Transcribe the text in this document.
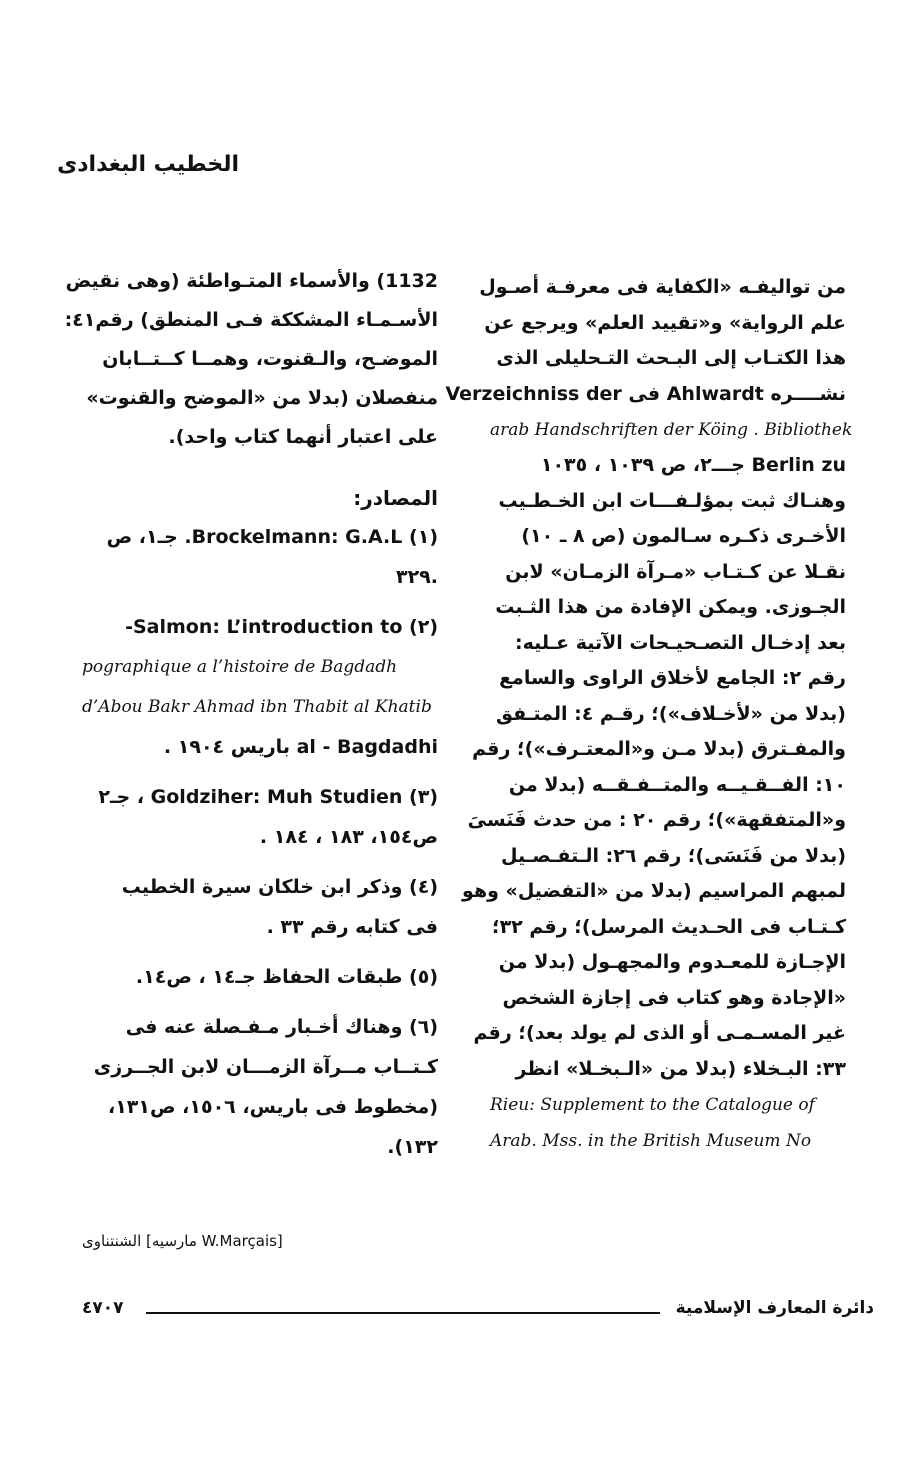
الخطيب البغدادى
من تواليفـه «الكفاية فى معرفـة أصـول
علم الرواية» و«تقييد العلم» ويرجع عن
هذا الكتـاب إلى البـحث التـحليلى الذى
نشــــره Ahlwardt فى Verzeichniss der
arab Handschriften der Köing . Bibliothek
Berlin zu جـــ٢، ص ١٠٣٩ ، ١٠٣٥
وهنـاك ثبت بمؤلـفـــات ابن الخـطـيب
الأخـرى ذكـره سـالمون (ص ٨ ـ ١٠)
نقـلا عن كـتـاب «مـرآة الزمـان» لابن
الجـوزى. ويمكن الإفادة من هذا الثـبت
بعد إدخـال التصـحيـحات الآتية عـليه:
رقم ٢: الجامع لأخلاق الراوى والسامع
(بدلا من «لأخـلاف»)؛ رقـم ٤: المتـفق
والمفـترق (بدلا مـن و«المعتـرف»)؛ رقم
١٠: الفــقـيــه والمتــفـقــه (بدلا من
و«المتفقهة»)؛ رقم ٢٠ : من حدث فَنَسىَ
(بدلا من فَنَسَى)؛ رقم ٢٦: الـتفـصـيل
لمبهم المراسيم (بدلا من «التفضيل» وهو
كـتـاب فى الحـديث المرسل)؛ رقم ٣٢؛
الإجـازة للمعـدوم والمجهـول (بدلا من
«الإجادة وهو كتاب فى إجازة الشخص
غير المسـمـى أو الذى لم يولد بعد)؛ رقم
٣٣: البـخلاء (بدلا من «الـبخـلا» انظر
Rieu: Supplement to the Catalogue of
Arab. Mss. in the British Museum No
1132) والأسماء المتـواطئة (وهى نقيض
الأسـمـاء المشككة فـى المنطق) رقم٤١:
الموضـح، والـقنوت، وهمــا كــتــابان
منفصلان (بدلا من «الموضح والقنوت»
على اعتبار أنهما كتاب واحد).
المصادر:
(١) Brockelmann: G.A.L. جـ١، ص
.٣٢٩
(٢) Salmon: L’introduction to-
pographique a l’histoire de Bagdadh
d’Abou Bakr Ahmad ibn Thabit al Khatib
al - Bagdadhi باريس ١٩٠٤ .
(٣) Goldziher: Muh Studien ، جـ٢
ص١٥٤، ١٨٣ ، ١٨٤ .
(٤) وذكر ابن خلكان سيرة الخطيب
فى كتابه رقم ٣٣ .
(٥) طبقات الحفاظ جـ١٤ ، ص١٤.
(٦) وهناك أخـبار مـفـصلة عنه فى
كـتــاب مــرآة الزمـــان لابن الجــرزى
(مخطوط فى باريس، ١٥٠٦، ص١٣١،
١٣٢).
الشنتناوى [مارسيه W.Marçais]
٤٧٠٧	دائرة المعارف الإسلامية
